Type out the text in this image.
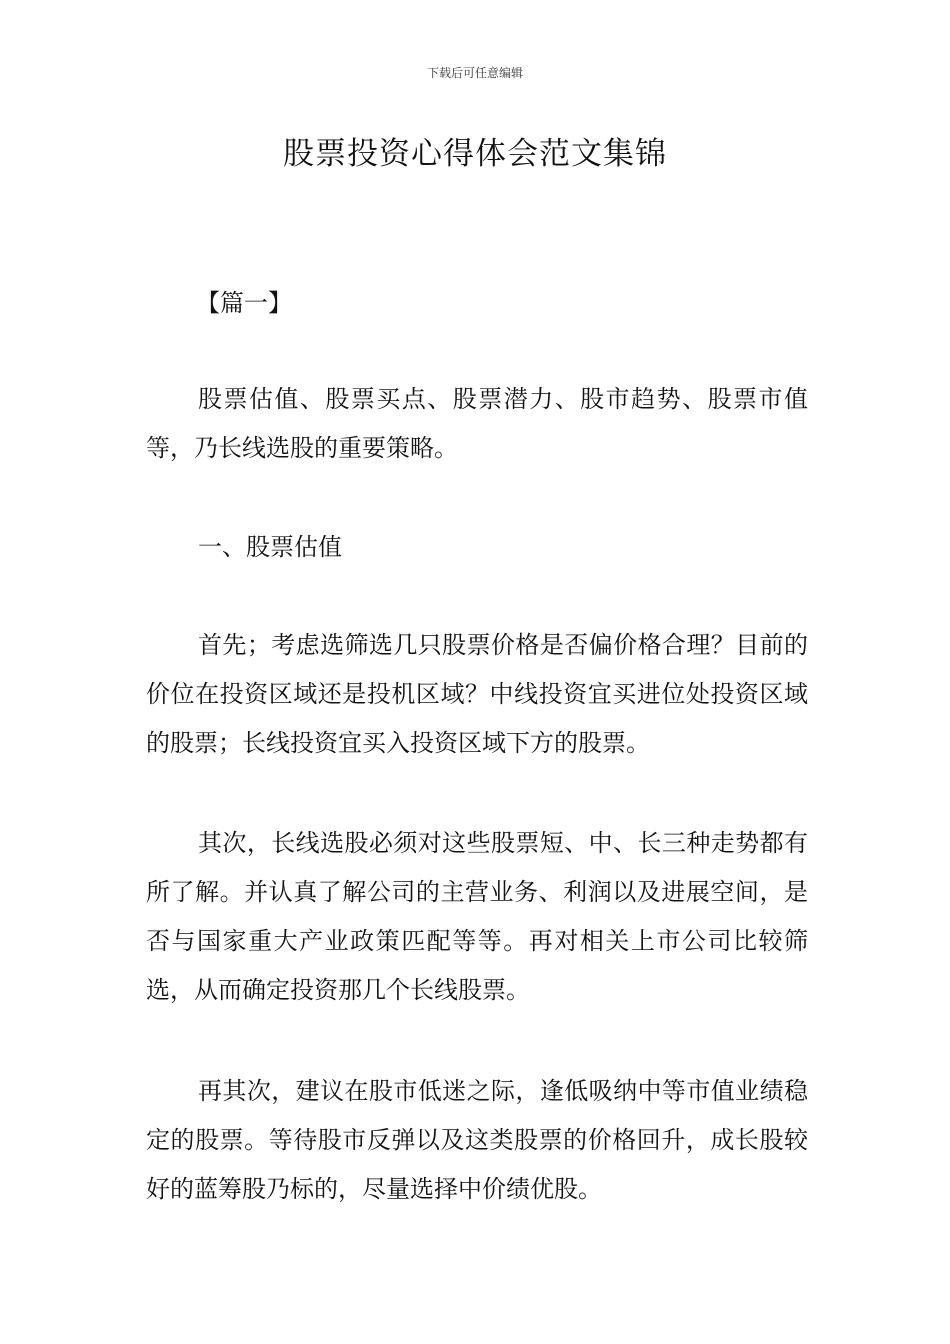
下载后可任意编辑
股票投资心得体会范文集锦
【篇一】

股票估值、股票买点、股票潜力、股市趋势、股票市值等，乃长线选股的重要策略。

一、股票估值

首先；考虑选筛选几只股票价格是否偏价格合理？目前的价位在投资区域还是投机区域？中线投资宜买进位处投资区域的股票；长线投资宜买入投资区域下方的股票。

其次，长线选股必须对这些股票短、中、长三种走势都有所了解。并认真了解公司的主营业务、利润以及进展空间，是否与国家重大产业政策匹配等等。再对相关上市公司比较筛选，从而确定投资那几个长线股票。

再其次，建议在股市低迷之际，逢低吸纳中等市值业绩稳定的股票。等待股市反弹以及这类股票的价格回升，成长股较好的蓝筹股乃标的，尽量选择中价绩优股。
